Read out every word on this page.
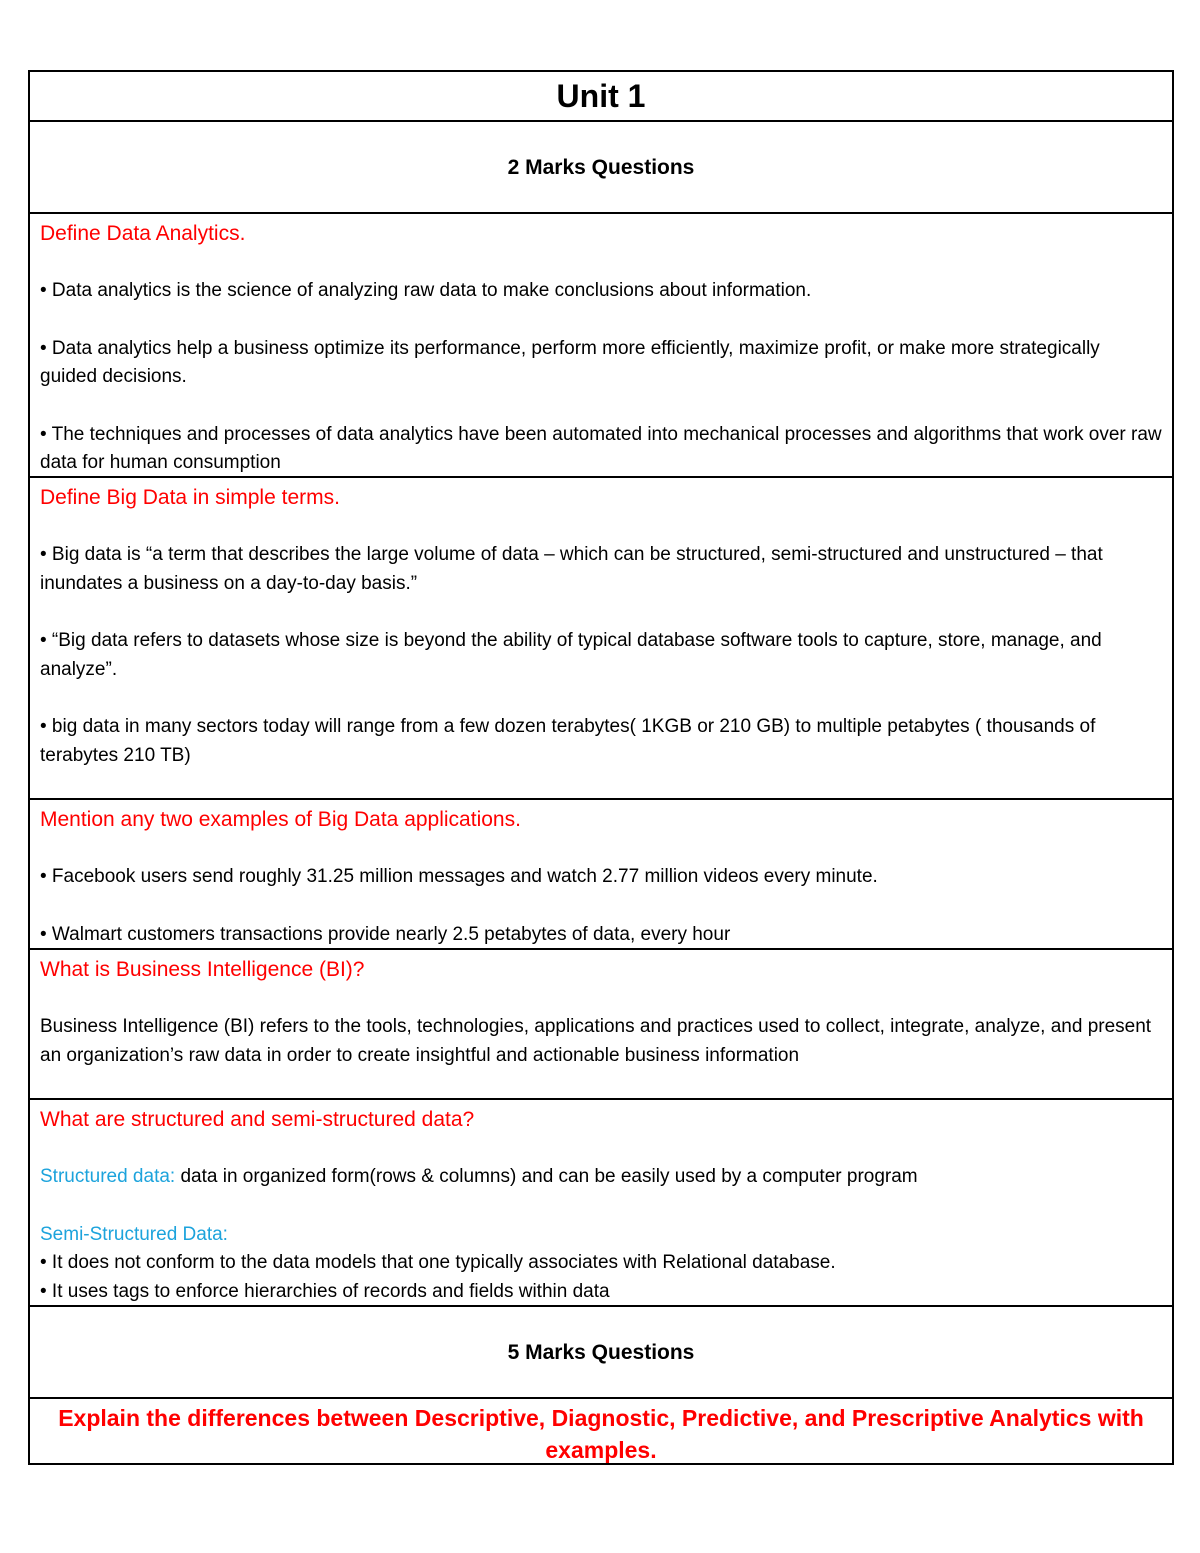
Unit 1
2 Marks Questions
Define Data Analytics.
• Data analytics is the science of analyzing raw data to make conclusions about information.
• Data analytics help a business optimize its performance, perform more efficiently, maximize profit, or make more strategically guided decisions.
• The techniques and processes of data analytics have been automated into mechanical processes and algorithms that work over raw data for human consumption
Define Big Data in simple terms.
• Big data is “a term that describes the large volume of data – which can be structured, semi-structured and unstructured – that inundates a business on a day-to-day basis.”
• “Big data refers to datasets whose size is beyond the ability of typical database software tools to capture, store, manage, and analyze”.
• big data in many sectors today will range from a few dozen terabytes( 1KGB or 210 GB) to multiple petabytes ( thousands of terabytes 210 TB)
Mention any two examples of Big Data applications.
• Facebook users send roughly 31.25 million messages and watch 2.77 million videos every minute.
• Walmart customers transactions provide nearly 2.5 petabytes of data, every hour
What is Business Intelligence (BI)?
Business Intelligence (BI) refers to the tools, technologies, applications and practices used to collect, integrate, analyze, and present an organization’s raw data in order to create insightful and actionable business information
What are structured and semi-structured data?
Structured data: data in organized form(rows & columns) and can be easily used by a computer program
Semi-Structured Data:
• It does not conform to the data models that one typically associates with Relational database.
• It uses tags to enforce hierarchies of records and fields within data
5 Marks Questions
Explain the differences between Descriptive, Diagnostic, Predictive, and Prescriptive Analytics with examples.
